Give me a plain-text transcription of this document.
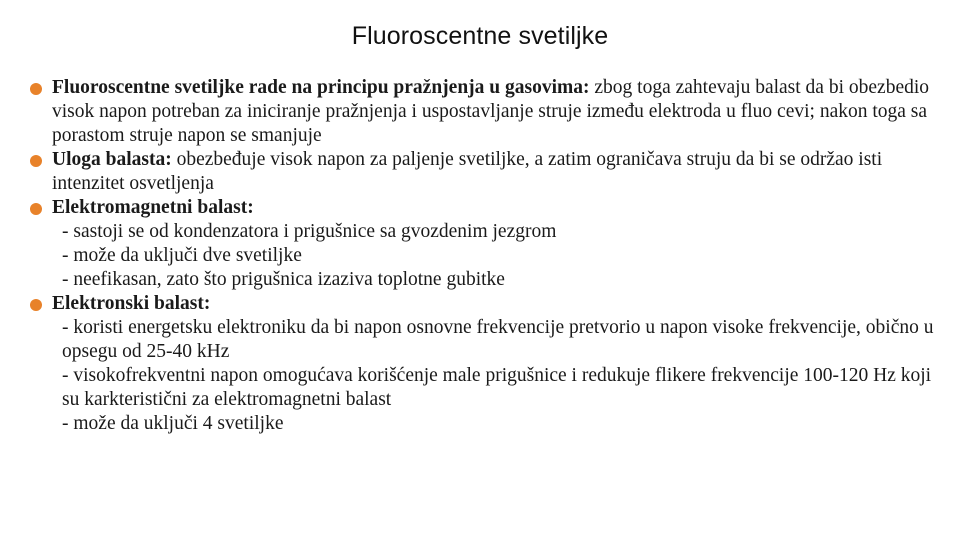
Fluoroscentne svetiljke
Fluoroscentne svetiljke rade na principu pražnjenja u gasovima: zbog toga zahtevaju balast da bi obezbedio visok napon potreban za iniciranje pražnjenja i uspostavljanje struje između elektroda u fluo cevi; nakon toga sa porastom struje napon se smanjuje
Uloga balasta: obezbeđuje visok napon za paljenje svetiljke, a zatim ograničava struju da bi se održao isti intenzitet osvetljenja
Elektromagnetni balast:
- sastoji se od kondenzatora i prigušnice sa gvozdenim jezgrom
- može da uključi dve svetiljke
- neefikasan, zato što prigušnica izaziva toplotne gubitke
Elektronski balast:
- koristi energetsku elektroniku da bi napon osnovne frekvencije pretvorio u napon visoke frekvencije, obično u opsegu od 25-40 kHz
- visokofrekventni napon omogućava korišćenje male prigušnice i redukuje flikere frekvencije 100-120 Hz koji su karkteristični za elektromagnetni balast
- može da uključi 4 svetiljke
